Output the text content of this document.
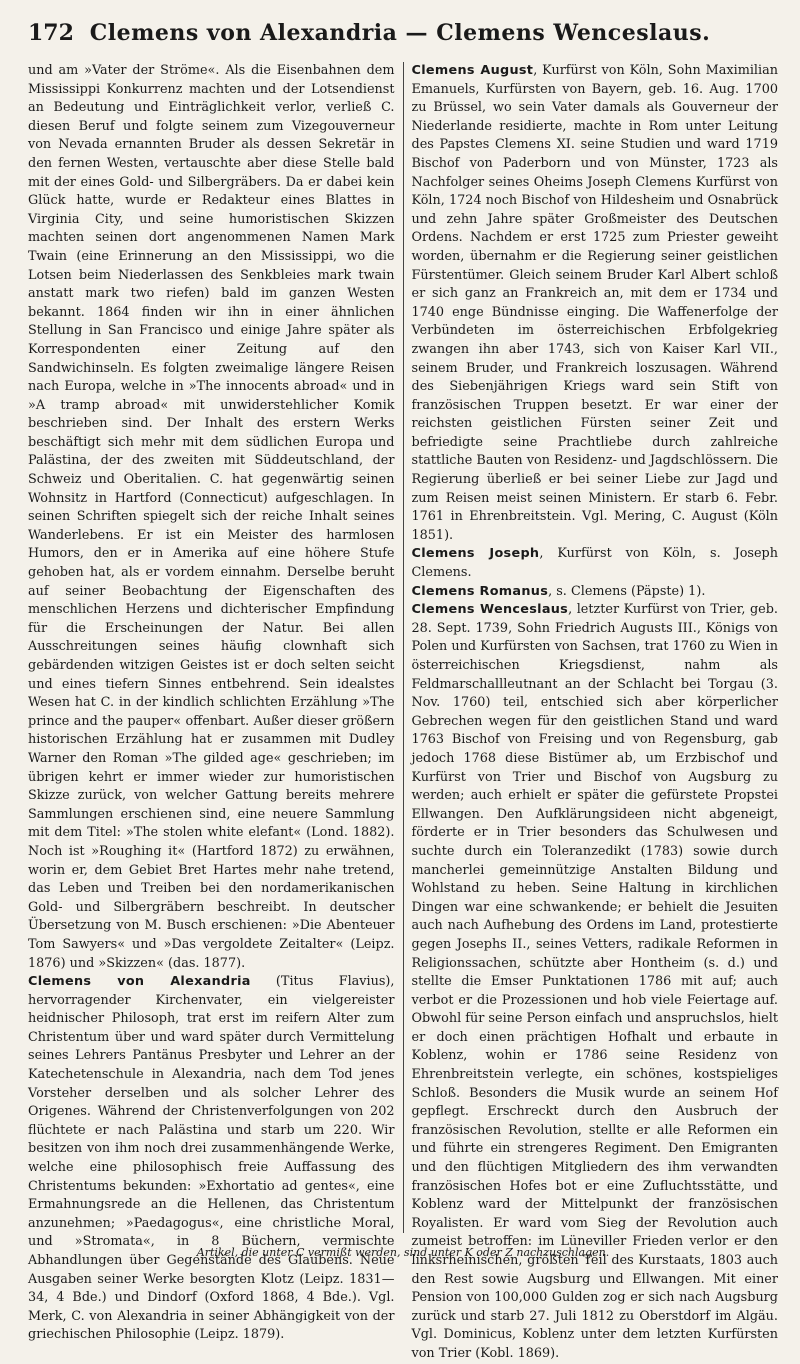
172 Clemens von Alexandria — Clemens Wenceslaus.

und am »Vater der Ströme«. Als die Eisenbahnen dem Mississippi Konkurrenz machten und der Lotsendienst an Bedeutung und Einträglichkeit verlor, verließ C. diesen Beruf und folgte seinem zum Vizegouverneur von Nevada ernannten Bruder als dessen Sekretär in den fernen Westen, vertauschte aber diese Stelle bald mit der eines Gold- und Silbergräbers. Da er dabei kein Glück hatte, wurde er Redakteur eines Blattes in Virginia City, und seine humoristischen Skizzen machten seinen dort angenommenen Namen Mark Twain (eine Erinnerung an den Mississippi, wo die Lotsen beim Niederlassen des Senkbleies mark twain anstatt mark two riefen) bald im ganzen Westen bekannt. 1864 finden wir ihn in einer ähnlichen Stellung in San Francisco und einige Jahre später als Korrespondenten einer Zeitung auf den Sandwichinseln. Es folgten zweimalige längere Reisen nach Europa, welche in »The innocents abroad« und in »A tramp abroad« mit unwiderstehlicher Komik beschrieben sind. Der Inhalt des erstern Werks beschäftigt sich mehr mit dem südlichen Europa und Palästina, der des zweiten mit Süddeutschland, der Schweiz und Oberitalien. C. hat gegenwärtig seinen Wohnsitz in Hartford (Connecticut) aufgeschlagen. In seinen Schriften spiegelt sich der reiche Inhalt seines Wanderlebens. Er ist ein Meister des harmlosen Humors, den er in Amerika auf eine höhere Stufe gehoben hat, als er vordem einnahm. Derselbe beruht auf seiner Beobachtung der Eigenschaften des menschlichen Herzens und dichterischer Empfindung für die Erscheinungen der Natur. Bei allen Ausschreitungen seines häufig clownhaft sich gebärdenden witzigen Geistes ist er doch selten seicht und eines tiefern Sinnes entbehrend. Sein idealstes Wesen hat C. in der kindlich schlichten Erzählung »The prince and the pauper« offenbart. Außer dieser größern historischen Erzählung hat er zusammen mit Dudley Warner den Roman »The gilded age« geschrieben; im übrigen kehrt er immer wieder zur humoristischen Skizze zurück, von welcher Gattung bereits mehrere Sammlungen erschienen sind, eine neuere Sammlung mit dem Titel: »The stolen white elefant« (Lond. 1882). Noch ist »Roughing it« (Hartford 1872) zu erwähnen, worin er, dem Gebiet Bret Hartes mehr nahe tretend, das Leben und Treiben bei den nordamerikanischen Gold- und Silbergräbern beschreibt. In deutscher Übersetzung von M. Busch erschienen: »Die Abenteuer Tom Sawyers« und »Das vergoldete Zeitalter« (Leipz. 1876) und »Skizzen« (das. 1877).

Clemens von Alexandria (Titus Flavius), hervorragender Kirchenvater, ein vielgereister heidnischer Philosoph, trat erst im reifern Alter zum Christentum über und ward später durch Vermittelung seines Lehrers Pantänus Presbyter und Lehrer an der Katechetenschule in Alexandria, nach dem Tod jenes Vorsteher derselben und als solcher Lehrer des Origenes. Während der Christenverfolgungen von 202 flüchtete er nach Palästina und starb um 220. Wir besitzen von ihm noch drei zusammenhängende Werke, welche eine philosophisch freie Auffassung des Christentums bekunden: »Exhortatio ad gentes«, eine Ermahnungsrede an die Hellenen, das Christentum anzunehmen; »Paedagogus«, eine christliche Moral, und »Stromata«, in 8 Büchern, vermischte Abhandlungen über Gegenstände des Glaubens. Neue Ausgaben seiner Werke besorgten Klotz (Leipz. 1831—34, 4 Bde.) und Dindorf (Oxford 1868, 4 Bde.). Vgl. Merk, C. von Alexandria in seiner Abhängigkeit von der griechischen Philosophie (Leipz. 1879).

Clemens August, Kurfürst von Köln, Sohn Maximilian Emanuels, Kurfürsten von Bayern, geb. 16. Aug. 1700 zu Brüssel, wo sein Vater damals als Gouverneur der Niederlande residierte, machte in Rom unter Leitung des Papstes Clemens XI. seine Studien und ward 1719 Bischof von Paderborn und von Münster, 1723 als Nachfolger seines Oheims Joseph Clemens Kurfürst von Köln, 1724 noch Bischof von Hildesheim und Osnabrück und zehn Jahre später Großmeister des Deutschen Ordens. Nachdem er erst 1725 zum Priester geweiht worden, übernahm er die Regierung seiner geistlichen Fürstentümer. Gleich seinem Bruder Karl Albert schloß er sich ganz an Frankreich an, mit dem er 1734 und 1740 enge Bündnisse einging. Die Waffenerfolge der Verbündeten im österreichischen Erbfolgekrieg zwangen ihn aber 1743, sich von Kaiser Karl VII., seinem Bruder, und Frankreich loszusagen. Während des Siebenjährigen Kriegs ward sein Stift von französischen Truppen besetzt. Er war einer der reichsten geistlichen Fürsten seiner Zeit und befriedigte seine Prachtliebe durch zahlreiche stattliche Bauten von Residenz- und Jagdschlössern. Die Regierung überließ er bei seiner Liebe zur Jagd und zum Reisen meist seinen Ministern. Er starb 6. Febr. 1761 in Ehrenbreitstein. Vgl. Mering, C. August (Köln 1851).

Clemens Joseph, Kurfürst von Köln, s. Joseph Clemens.

Clemens Romanus, s. Clemens (Päpste) 1).

Clemens Wenceslaus, letzter Kurfürst von Trier, geb. 28. Sept. 1739, Sohn Friedrich Augusts III., Königs von Polen und Kurfürsten von Sachsen, trat 1760 zu Wien in österreichischen Kriegsdienst, nahm als Feldmarschallleutnant an der Schlacht bei Torgau (3. Nov. 1760) teil, entschied sich aber körperlicher Gebrechen wegen für den geistlichen Stand und ward 1763 Bischof von Freising und von Regensburg, gab jedoch 1768 diese Bistümer ab, um Erzbischof und Kurfürst von Trier und Bischof von Augsburg zu werden; auch erhielt er später die gefürstete Propstei Ellwangen. Den Aufklärungsideen nicht abgeneigt, förderte er in Trier besonders das Schulwesen und suchte durch ein Toleranzedikt (1783) sowie durch mancherlei gemeinnützige Anstalten Bildung und Wohlstand zu heben. Seine Haltung in kirchlichen Dingen war eine schwankende; er behielt die Jesuiten auch nach Aufhebung des Ordens im Land, protestierte gegen Josephs II., seines Vetters, radikale Reformen in Religionssachen, schützte aber Hontheim (s. d.) und stellte die Emser Punktationen 1786 mit auf; auch verbot er die Prozessionen und hob viele Feiertage auf. Obwohl für seine Person einfach und anspruchslos, hielt er doch einen prächtigen Hofhalt und erbaute in Koblenz, wohin er 1786 seine Residenz von Ehrenbreitstein verlegte, ein schönes, kostspieliges Schloß. Besonders die Musik wurde an seinem Hof gepflegt. Erschreckt durch den Ausbruch der französischen Revolution, stellte er alle Reformen ein und führte ein strengeres Regiment. Den Emigranten und den flüchtigen Mitgliedern des ihm verwandten französischen Hofes bot er eine Zufluchtsstätte, und Koblenz ward der Mittelpunkt der französischen Royalisten. Er ward vom Sieg der Revolution auch zumeist betroffen: im Lüneviller Frieden verlor er den linksrheinischen, größten Teil des Kurstaats, 1803 auch den Rest sowie Augsburg und Ellwangen. Mit einer Pension von 100,000 Gulden zog er sich nach Augsburg zurück und starb 27. Juli 1812 zu Oberstdorf im Algäu. Vgl. Dominicus, Koblenz unter dem letzten Kurfürsten von Trier (Kobl. 1869).

Artikel, die unter C vermißt werden, sind unter K oder Z nachzuschlagen.
